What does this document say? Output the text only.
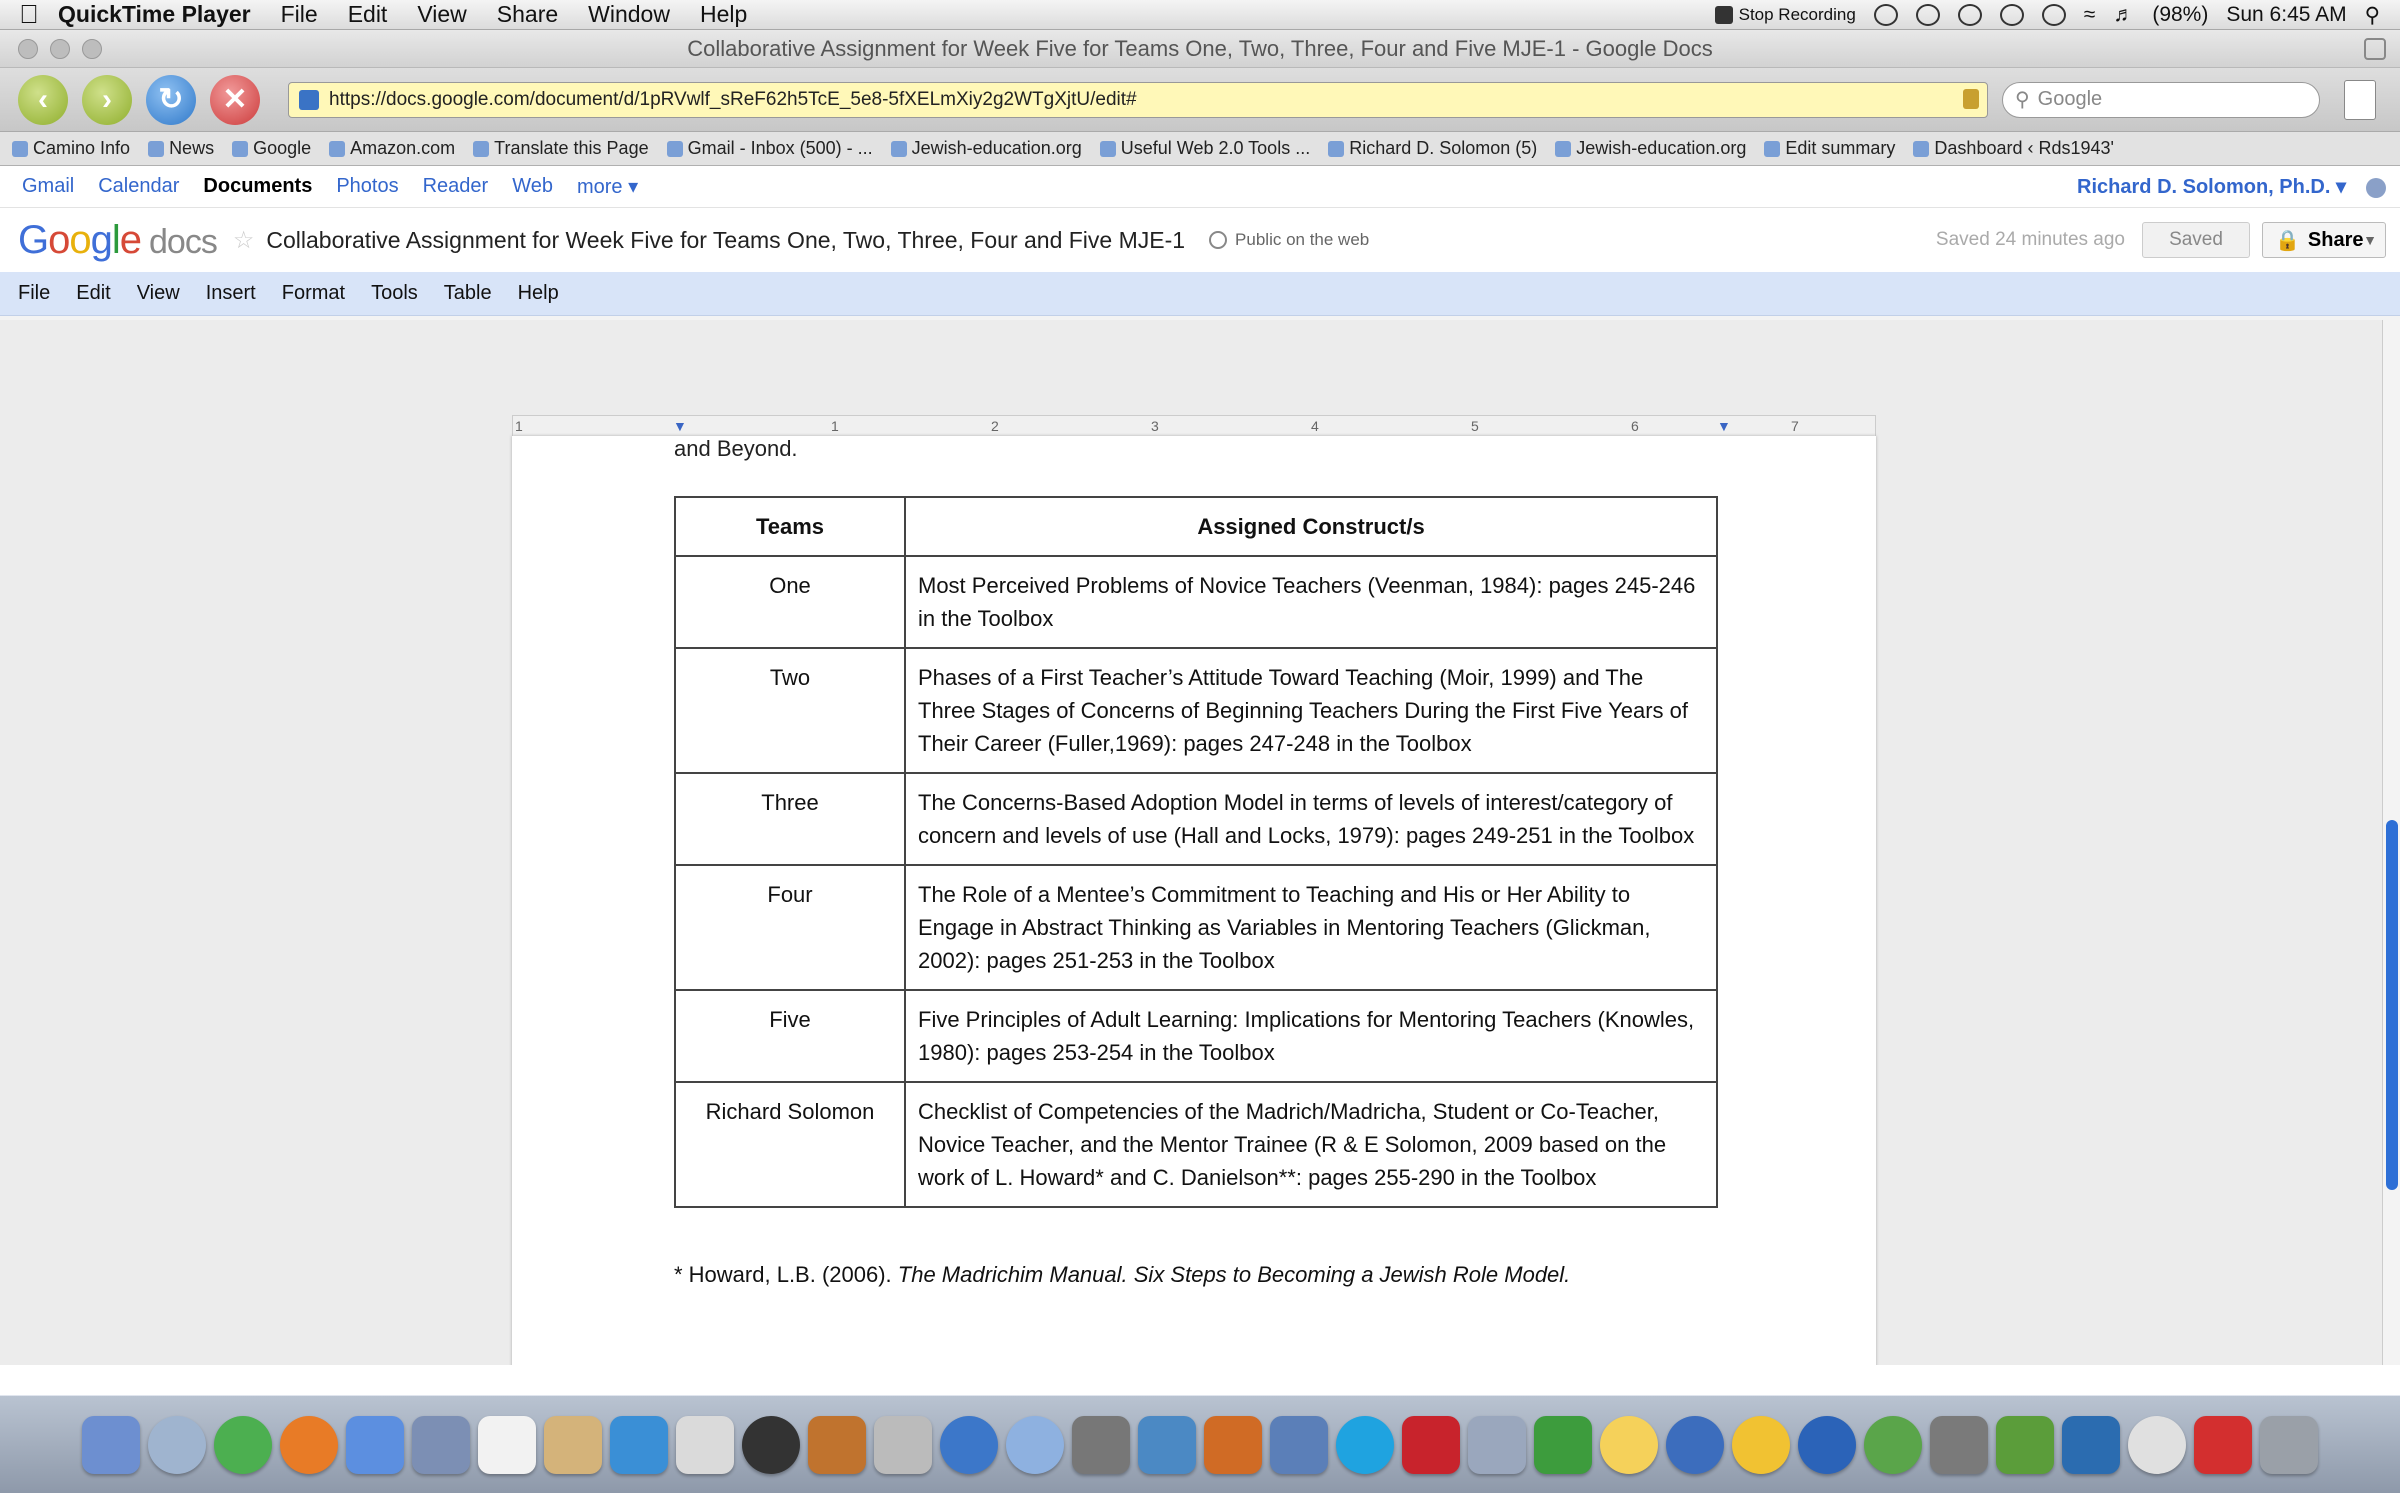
QuickTime Player File Edit View Share Window Help	Stop Recording	≈ ♬ (98%) Sun 6:45 AM ⚲
Collaborative Assignment for Week Five for Teams One, Two, Three, Four and Five MJE-1 - Google Docs
‹	›	↻	✕	https://docs.google.com/document/d/1pRVwlf_sReF62h5TcE_5e8-5fXELmXiy2g2WTgXjtU/edit#	⚲ Google
Camino Info News Google Amazon.com Translate this Page Gmail - Inbox (500) - ... Jewish-education.org Useful Web 2.0 Tools ... Richard D. Solomon (5) Jewish-education.org Edit summary Dashboard ‹ Rds1943'
Gmail Calendar Documents Photos Reader Web more ▾	Richard D. Solomon, Ph.D. ▾
Google docs ☆ Collaborative Assignment for Week Five for Teams One, Two, Three, Four and Five MJE-1	Public on the web	Saved 24 minutes ago	Saved	🔒 Share ▼
File Edit View Insert Format Tools Table Help
1	▼	1	2	3	4	5	6	▼	7
and Beyond.
Teams	Assigned Construct/s
One	Most Perceived Problems of Novice Teachers (Veenman, 1984): pages 245-246 in the Toolbox
Two	Phases of a First Teacher’s Attitude Toward Teaching (Moir, 1999) and The Three Stages of Concerns of Beginning Teachers During the First Five Years of Their Career (Fuller,1969): pages 247-248 in the Toolbox
Three	The Concerns-Based Adoption Model in terms of levels of interest/category of concern and levels of use (Hall and Locks, 1979): pages 249-251 in the Toolbox
Four	The Role of a Mentee’s Commitment to Teaching and His or Her Ability to Engage in Abstract Thinking as Variables in Mentoring Teachers (Glickman, 2002): pages 251-253 in the Toolbox
Five	Five Principles of Adult Learning: Implications for Mentoring Teachers (Knowles, 1980): pages 253-254 in the Toolbox
Richard Solomon	Checklist of Competencies of the Madrich/Madricha, Student or Co-Teacher, Novice Teacher, and the Mentor Trainee (R & E Solomon, 2009 based on the work of L. Howard* and C. Danielson**: pages 255-290 in the Toolbox
* Howard, L.B. (2006). The Madrichim Manual. Six Steps to Becoming a Jewish Role Model.
